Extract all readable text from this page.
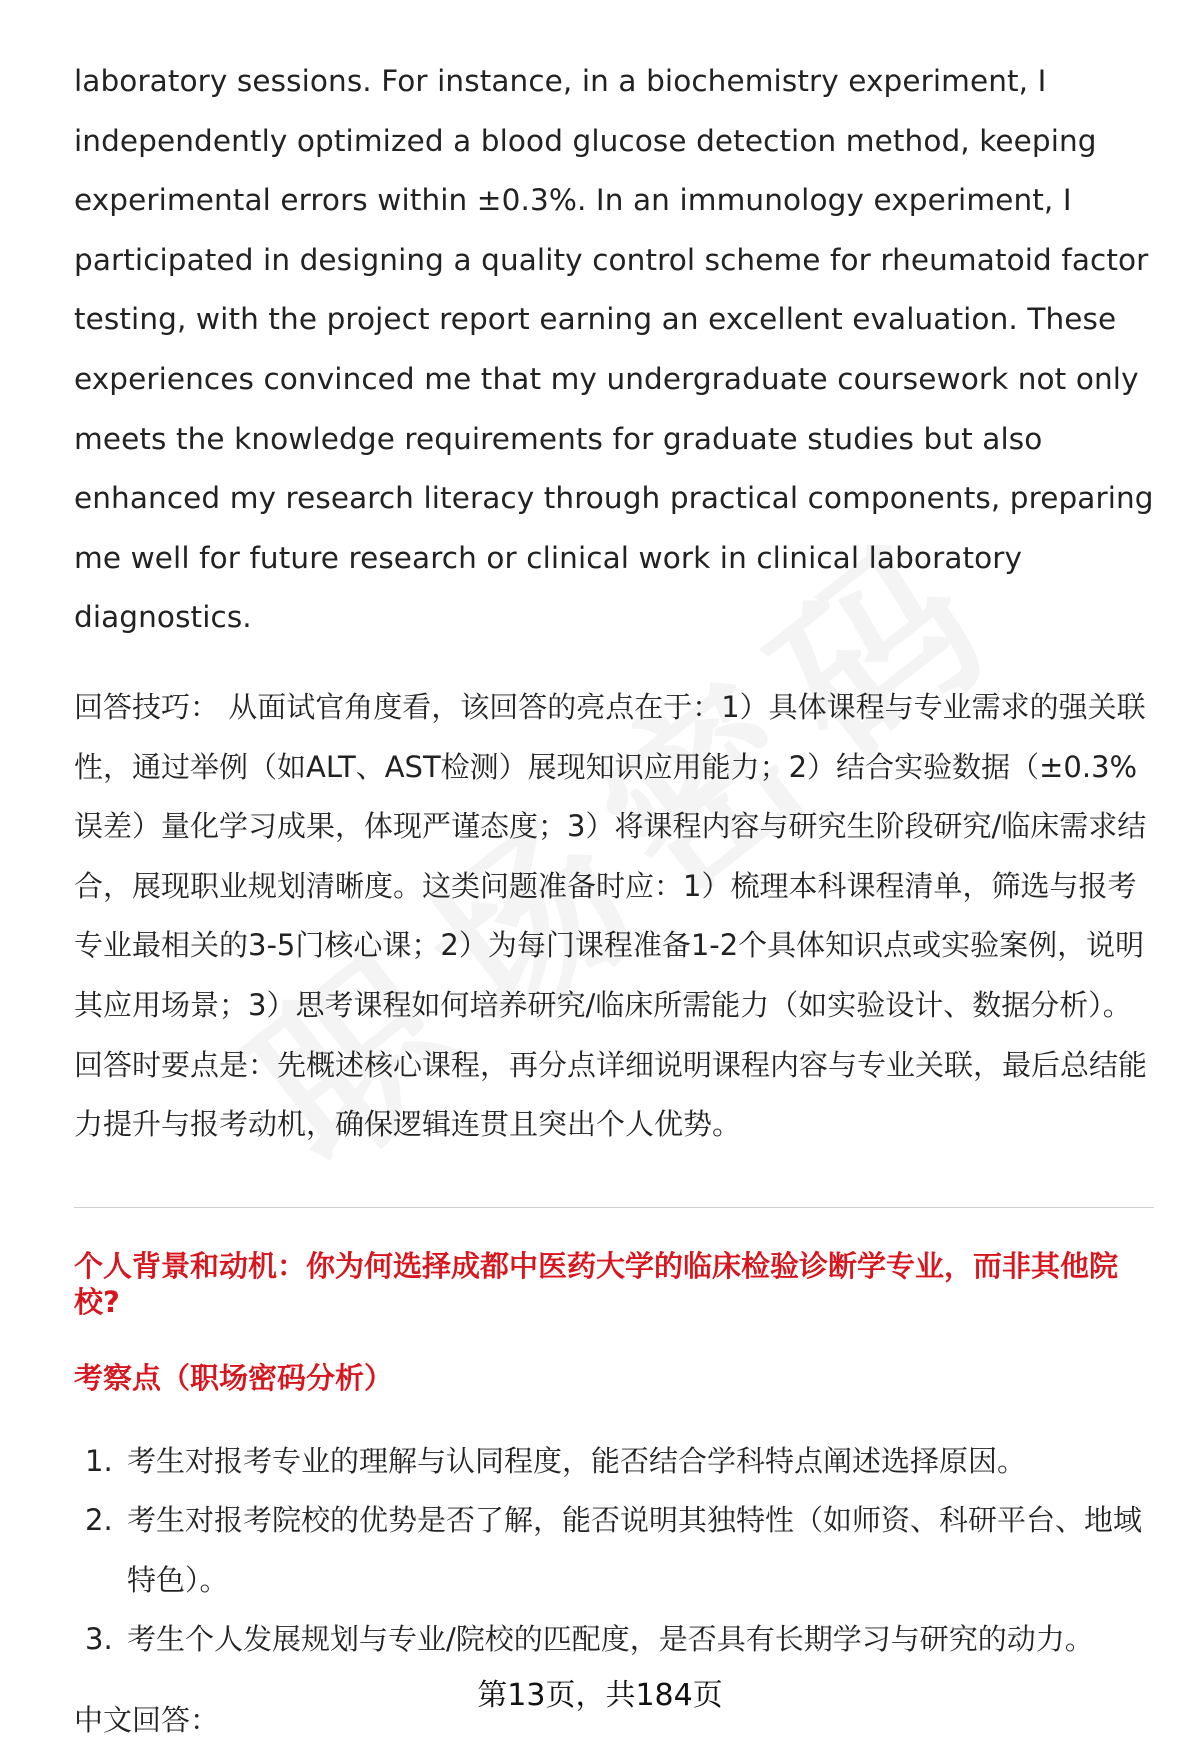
laboratory sessions. For instance, in a biochemistry experiment, I independently optimized a blood glucose detection method, keeping experimental errors within ±0.3%. In an immunology experiment, I participated in designing a quality control scheme for rheumatoid factor testing, with the project report earning an excellent evaluation. These experiences convinced me that my undergraduate coursework not only meets the knowledge requirements for graduate studies but also enhanced my research literacy through practical components, preparing me well for future research or clinical work in clinical laboratory diagnostics.

回答技巧： 从面试官角度看，该回答的亮点在于：1）具体课程与专业需求的强关联性，通过举例（如ALT、AST检测）展现知识应用能力；2）结合实验数据（±0.3%误差）量化学习成果，体现严谨态度；3）将课程内容与研究生阶段研究/临床需求结合，展现职业规划清晰度。这类问题准备时应：1）梳理本科课程清单，筛选与报考专业最相关的3-5门核心课；2）为每门课程准备1-2个具体知识点或实验案例，说明其应用场景；3）思考课程如何培养研究/临床所需能力（如实验设计、数据分析）。回答时要点是：先概述核心课程，再分点详细说明课程内容与专业关联，最后总结能力提升与报考动机，确保逻辑连贯且突出个人优势。

个人背景和动机：你为何选择成都中医药大学的临床检验诊断学专业，而非其他院校?
考察点（职场密码分析）
1. 考生对报考专业的理解与认同程度，能否结合学科特点阐述选择原因。
2. 考生对报考院校的优势是否了解，能否说明其独特性（如师资、科研平台、地域特色）。
3. 考生个人发展规划与专业/院校的匹配度，是否具有长期学习与研究的动力。

中文回答：

第13页，共184页
